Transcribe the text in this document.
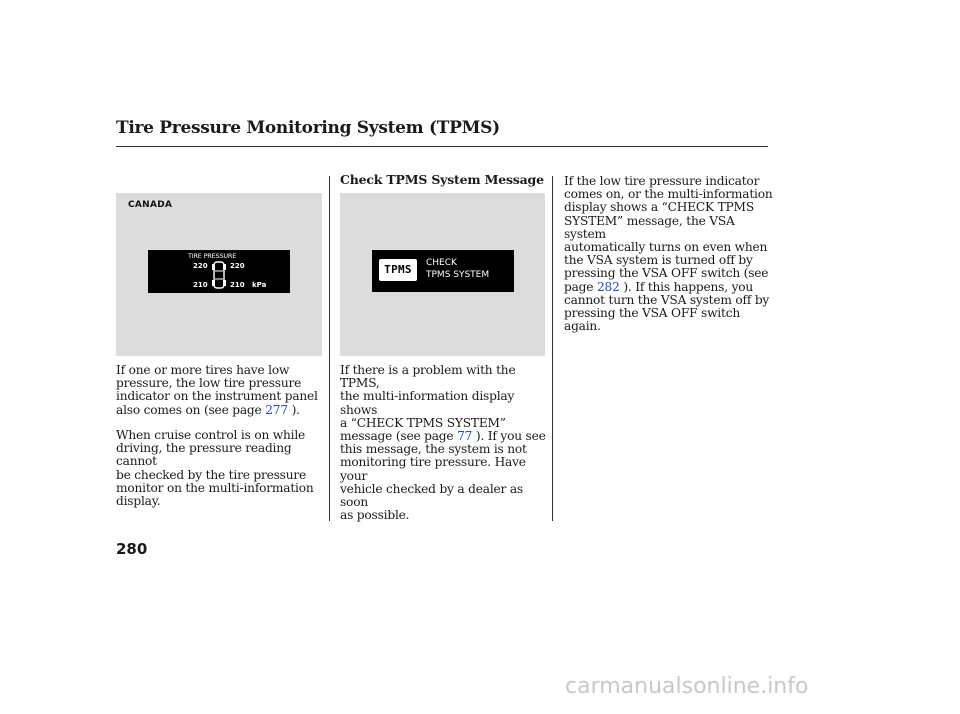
Tire Pressure Monitoring System (TPMS)
CANADA
TIRE PRESSURE
220	220
210	210 kPa
If one or more tires have low
pressure, the low tire pressure
indicator on the instrument panel
also comes on (see page 277 ).
When cruise control is on while
driving, the pressure reading cannot
be checked by the tire pressure
monitor on the multi-information
display.
Check TPMS System Message
TPMS	CHECK
TPMS SYSTEM
If there is a problem with the TPMS,
the multi-information display shows
a “CHECK TPMS SYSTEM”
message (see page 77 ). If you see
this message, the system is not
monitoring tire pressure. Have your
vehicle checked by a dealer as soon
as possible.
If the low tire pressure indicator
comes on, or the multi-information
display shows a “CHECK TPMS
SYSTEM” message, the VSA system
automatically turns on even when
the VSA system is turned off by
pressing the VSA OFF switch (see
page 282 ). If this happens, you
cannot turn the VSA system off by
pressing the VSA OFF switch again.
280
carmanualsonline.info
